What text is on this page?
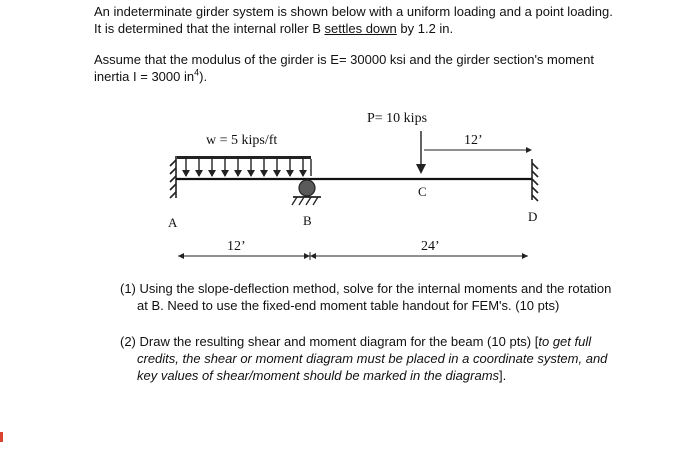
An indeterminate girder system is shown below with a uniform loading and a point loading.
It is determined that the internal roller B settles down by 1.2 in.
Assume that the modulus of the girder is E= 30000 ksi and the girder section's moment
inertia I = 3000 $in^4$).
w = 5 kips/ft
P= 10 kips
12’
A	B
C
D
12’	24’
(1) Using the slope-deflection method, solve for the internal moments and the rotation
at B. Need to use the fixed-end moment table handout for FEM's. (10 pts)
(2) Draw the resulting shear and moment diagram for the beam (10 pts) [to get full
credits, the shear or moment diagram must be placed in a coordinate system, and
key values of shear/moment should be marked in the diagrams].
